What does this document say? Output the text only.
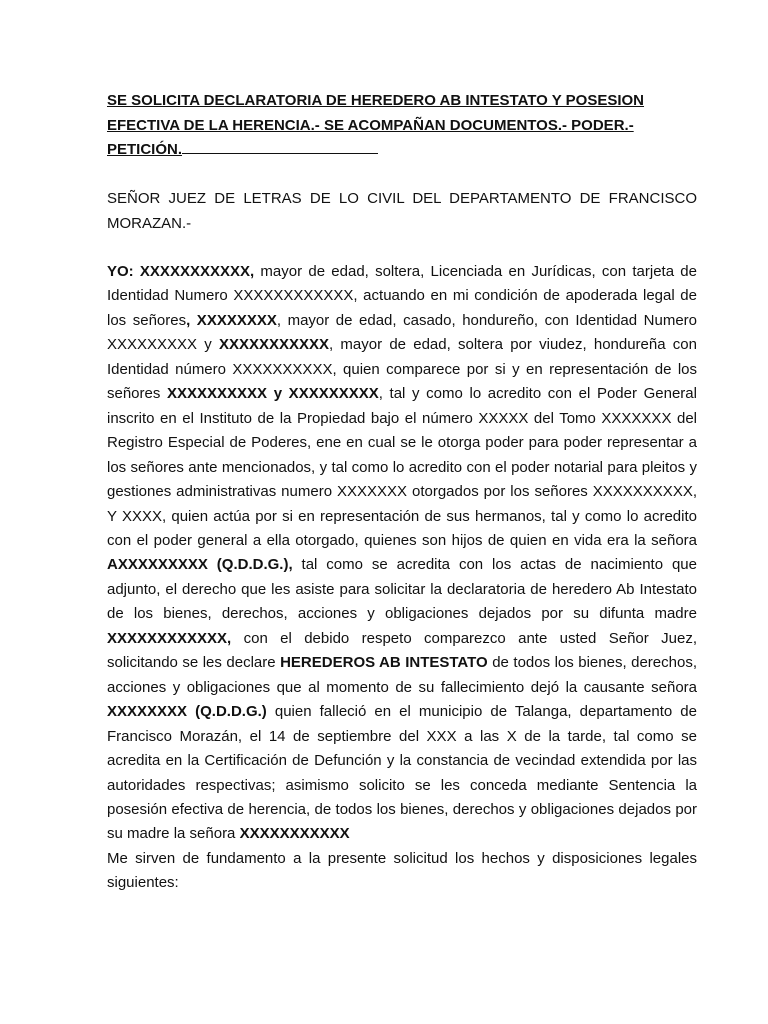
SE SOLICITA DECLARATORIA DE HEREDERO AB INTESTATO Y POSESION
EFECTIVA DE LA HERENCIA.- SE ACOMPAÑAN DOCUMENTOS.- PODER.-
PETICIÓN.
SEÑOR JUEZ DE LETRAS DE LO CIVIL DEL DEPARTAMENTO DE FRANCISCO MORAZAN.-

YO: XXXXXXXXXXX, mayor de edad, soltera, Licenciada en Jurídicas, con tarjeta de Identidad Numero XXXXXXXXXXXX, actuando en mi condición de apoderada legal de los señores, XXXXXXXX, mayor de edad, casado, hondureño, con Identidad Numero XXXXXXXXX y XXXXXXXXXXX, mayor de edad, soltera por viudez, hondureña con Identidad número XXXXXXXXXX, quien comparece por si y en representación de los señores XXXXXXXXXX y XXXXXXXXX, tal y como lo acredito con el Poder General inscrito en el Instituto de la Propiedad bajo el número XXXXX del Tomo XXXXXXX del Registro Especial de Poderes, ene en cual se le otorga poder para poder representar a los señores ante mencionados, y tal como lo acredito con el poder notarial para pleitos y gestiones administrativas numero XXXXXXX otorgados por los señores XXXXXXXXXX, Y XXXX, quien actúa por si en representación de sus hermanos, tal y como lo acredito con el poder general a ella otorgado, quienes son hijos de quien en vida era la señora AXXXXXXXXX (Q.D.D.G.), tal como se acredita con los actas de nacimiento que adjunto, el derecho que les asiste para solicitar la declaratoria de heredero Ab Intestato de los bienes, derechos, acciones y obligaciones dejados por su difunta madre XXXXXXXXXXXX, con el debido respeto comparezco ante usted Señor Juez, solicitando se les declare HEREDEROS AB INTESTATO de todos los bienes, derechos, acciones y obligaciones que al momento de su fallecimiento dejó la causante señora XXXXXXXX (Q.D.D.G.) quien falleció en el municipio de Talanga, departamento de Francisco Morazán, el 14 de septiembre del XXX a las X de la tarde, tal como se acredita en la Certificación de Defunción y la constancia de vecindad extendida por las autoridades respectivas; asimismo solicito se les conceda mediante Sentencia la posesión efectiva de herencia, de todos los bienes, derechos y obligaciones dejados por su madre la señora XXXXXXXXXXX

Me sirven de fundamento a la presente solicitud los hechos y disposiciones legales siguientes:
